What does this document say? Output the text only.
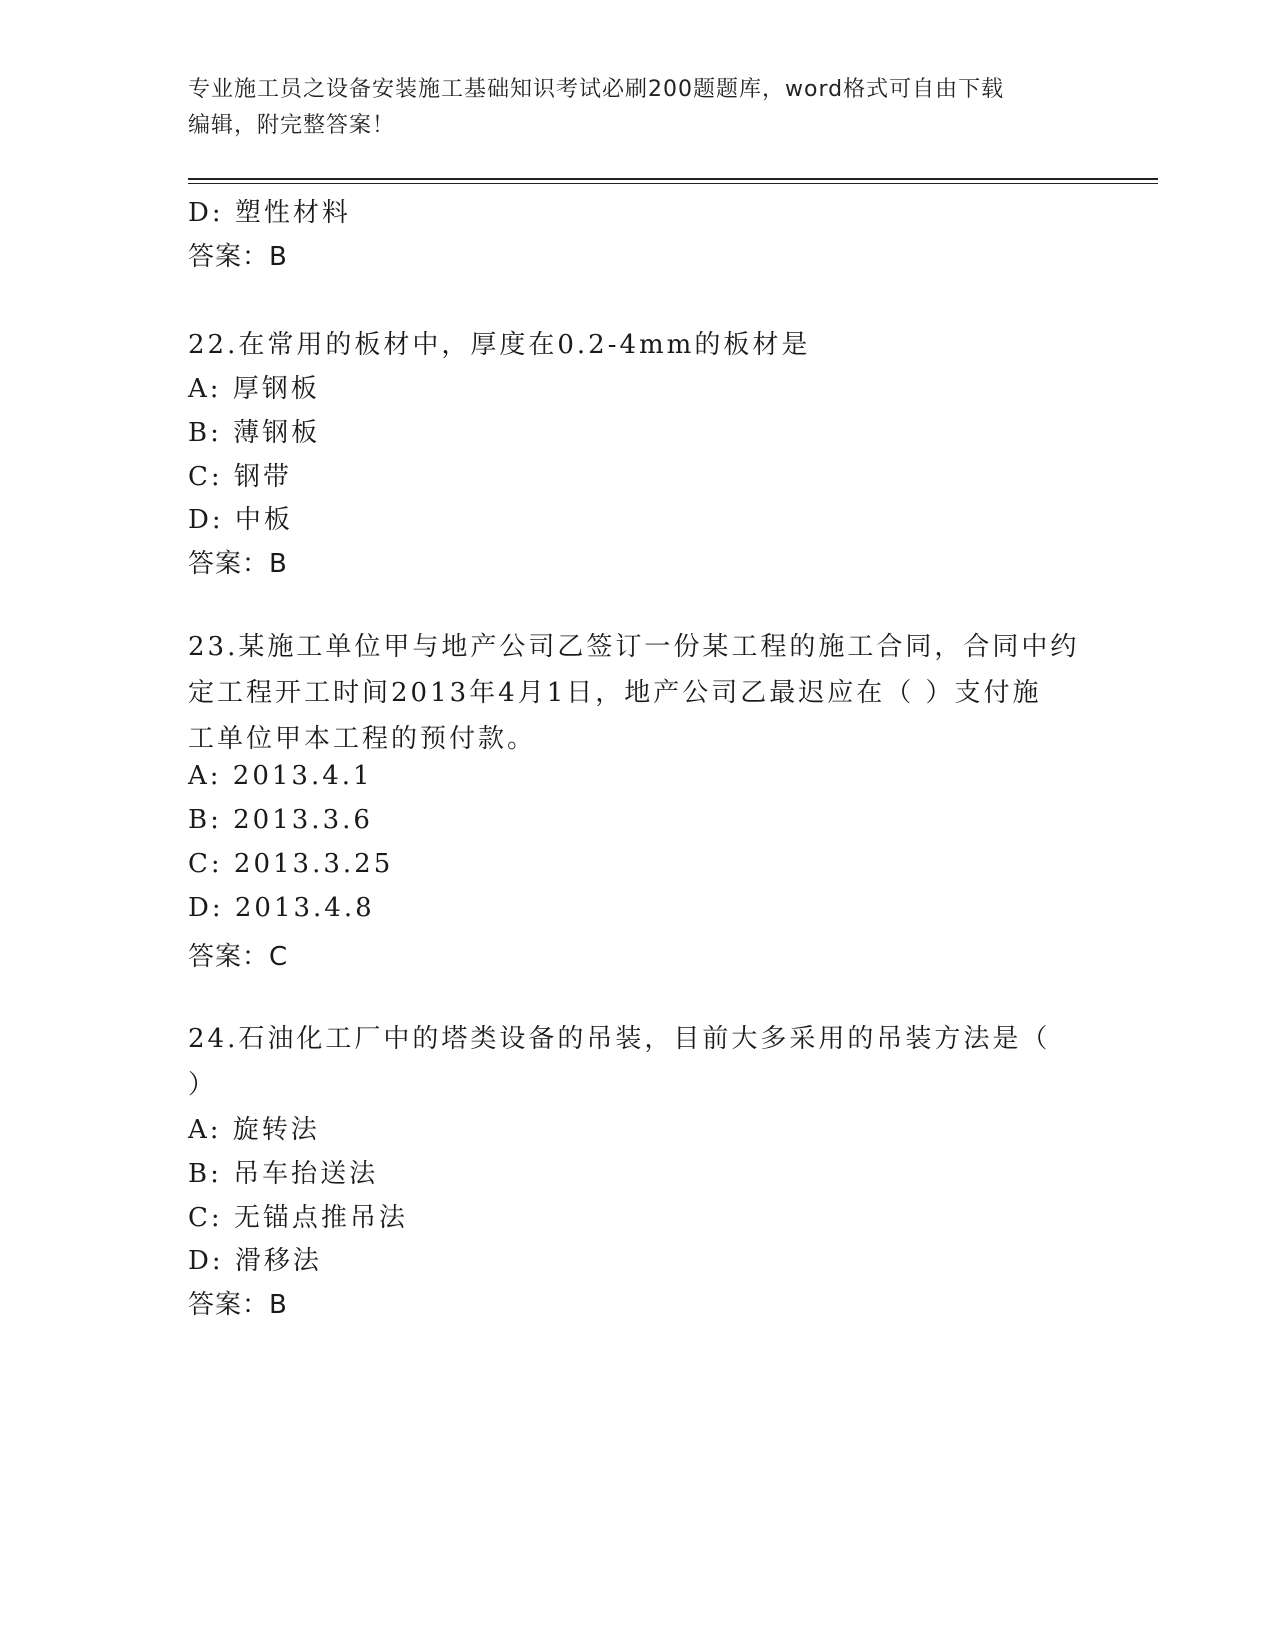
专业施工员之设备安装施工基础知识考试必刷200题题库，word格式可自由下载
编辑，附完整答案！
D: 塑性材料
答案：B
22.在常用的板材中，厚度在0.2-4mm的板材是
A: 厚钢板
B: 薄钢板
C: 钢带
D: 中板
答案：B
23.某施工单位甲与地产公司乙签订一份某工程的施工合同，合同中约
定工程开工时间2013年4月1日，地产公司乙最迟应在（ ）支付施
工单位甲本工程的预付款。
A: 2013.4.1
B: 2013.3.6
C: 2013.3.25
D: 2013.4.8
答案：C
24.石油化工厂中的塔类设备的吊装，目前大多采用的吊装方法是（
）
A: 旋转法
B: 吊车抬送法
C: 无锚点推吊法
D: 滑移法
答案：B
